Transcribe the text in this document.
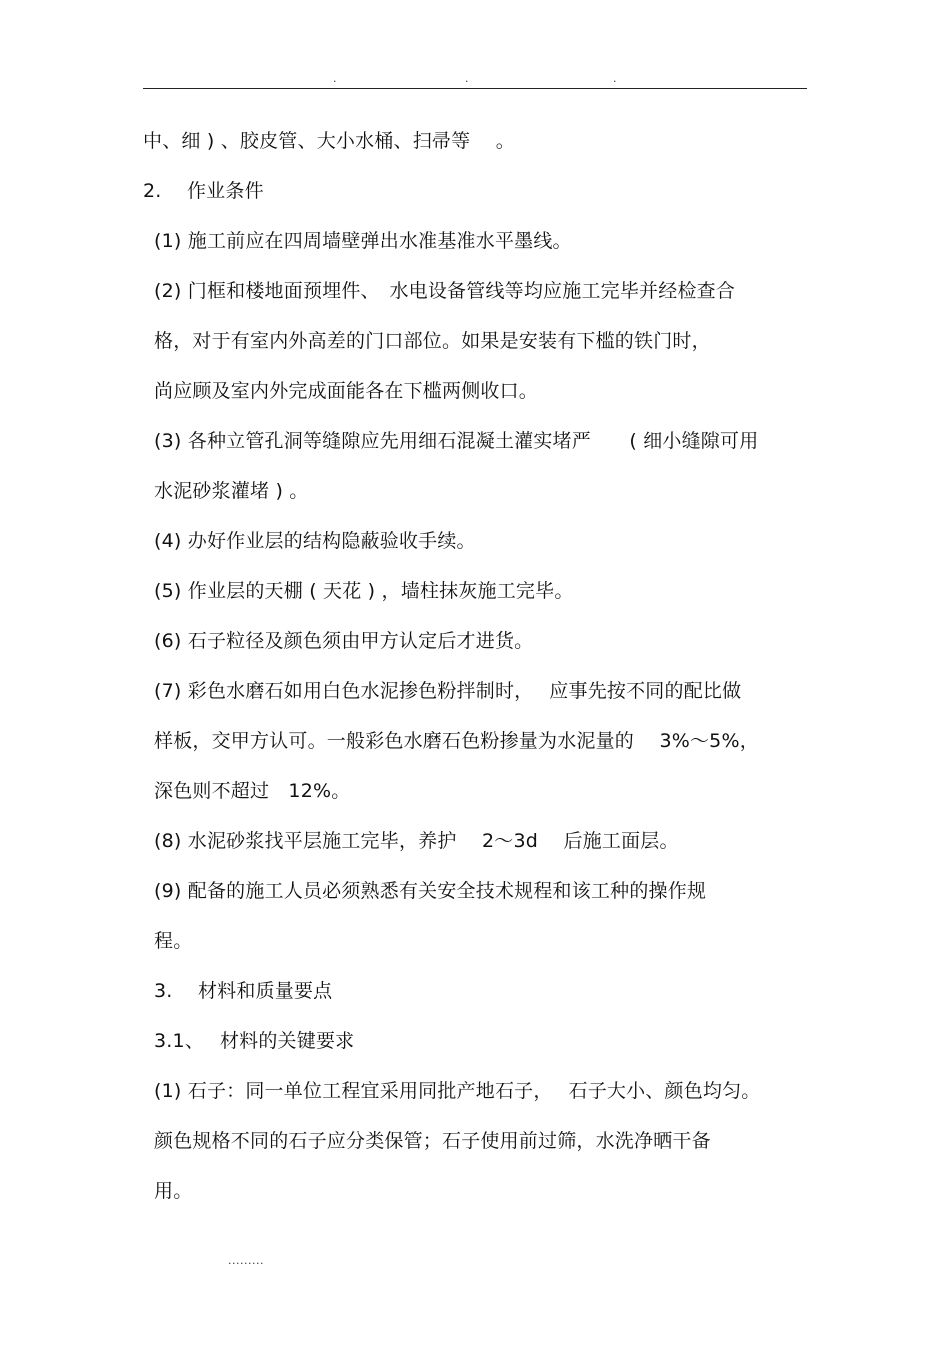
.	.	.
中、细 ) 、胶皮管、大小水桶、扫帚等　 。
2.　 作业条件
(1) 施工前应在四周墙壁弹出水准基准水平墨线。
(2) 门框和楼地面预埋件、　水电设备管线等均应施工完毕并经检查合
格，对于有室内外高差的门口部位。如果是安装有下槛的铁门时，
尚应顾及室内外完成面能各在下槛两侧收口。
(3) 各种立管孔洞等缝隙应先用细石混凝土灌实堵严　　( 细小缝隙可用
水泥砂浆灌堵 ) 。
(4) 办好作业层的结构隐蔽验收手续。
(5) 作业层的天棚 ( 天花 ) ，墙柱抹灰施工完毕。
(6) 石子粒径及颜色须由甲方认定后才进货。
(7) 彩色水磨石如用白色水泥掺色粉拌制时，　 应事先按不同的配比做
样板，交甲方认可。一般彩色水磨石色粉掺量为水泥量的　 3%～5%，
深色则不超过　12%。
(8) 水泥砂浆找平层施工完毕，养护　 2～3d　 后施工面层。
(9) 配备的施工人员必须熟悉有关安全技术规程和该工种的操作规
程。
3.　 材料和质量要点
3.1、　 材料的关键要求
(1) 石子：同一单位工程宜采用同批产地石子，　 石子大小、颜色均匀。
颜色规格不同的石子应分类保管；石子使用前过筛，水洗净晒干备
用。
.........
